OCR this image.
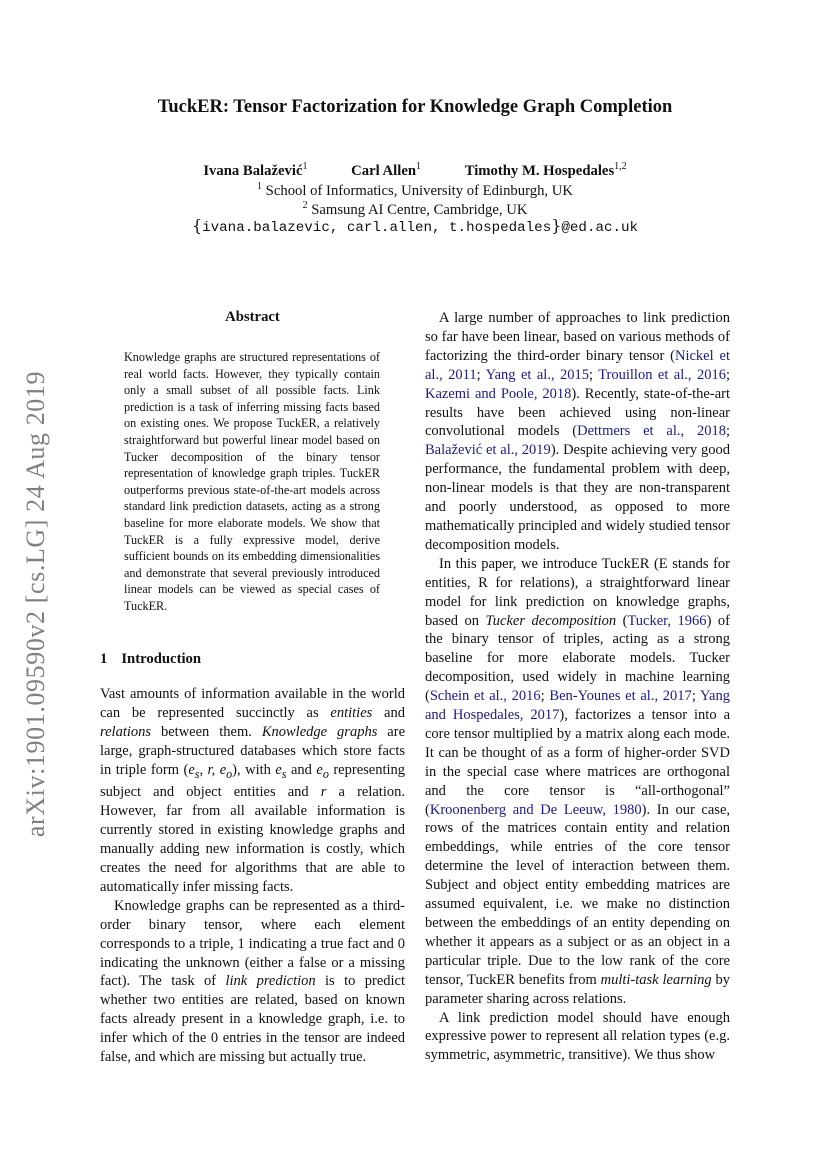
arXiv:1901.09590v2 [cs.LG] 24 Aug 2019
TuckER: Tensor Factorization for Knowledge Graph Completion
Ivana Balažević$^1$	Carl Allen$^1$	Timothy M. Hospedales$^{1,2}$
$^1$ School of Informatics, University of Edinburgh, UK
$^2$ Samsung AI Centre, Cambridge, UK
{ivana.balazevic, carl.allen, t.hospedales}@ed.ac.uk
Abstract

Knowledge graphs are structured representations of real world facts. However, they typically contain only a small subset of all possible facts. Link prediction is a task of inferring missing facts based on existing ones. We propose TuckER, a relatively straightforward but powerful linear model based on Tucker decomposition of the binary tensor representation of knowledge graph triples. TuckER outperforms previous state-of-the-art models across standard link prediction datasets, acting as a strong baseline for more elaborate models. We show that TuckER is a fully expressive model, derive sufficient bounds on its embedding dimensionalities and demonstrate that several previously introduced linear models can be viewed as special cases of TuckER.

1 Introduction

Vast amounts of information available in the world can be represented succinctly as entities and relations between them. Knowledge graphs are large, graph-structured databases which store facts in triple form ($e_s$, r, $e_o$), with $e_s$ and $e_o$ representing subject and object entities and r a relation. However, far from all available information is currently stored in existing knowledge graphs and manually adding new information is costly, which creates the need for algorithms that are able to automatically infer missing facts.

Knowledge graphs can be represented as a third-order binary tensor, where each element corresponds to a triple, 1 indicating a true fact and 0 indicating the unknown (either a false or a missing fact). The task of link prediction is to predict whether two entities are related, based on known facts already present in a knowledge graph, i.e. to infer which of the 0 entries in the tensor are indeed false, and which are missing but actually true.

A large number of approaches to link prediction so far have been linear, based on various methods of factorizing the third-order binary tensor (Nickel et al., 2011; Yang et al., 2015; Trouillon et al., 2016; Kazemi and Poole, 2018). Recently, state-of-the-art results have been achieved using non-linear convolutional models (Dettmers et al., 2018; Balažević et al., 2019). Despite achieving very good performance, the fundamental problem with deep, non-linear models is that they are non-transparent and poorly understood, as opposed to more mathematically principled and widely studied tensor decomposition models.

In this paper, we introduce TuckER (E stands for entities, R for relations), a straightforward linear model for link prediction on knowledge graphs, based on Tucker decomposition (Tucker, 1966) of the binary tensor of triples, acting as a strong baseline for more elaborate models. Tucker decomposition, used widely in machine learning (Schein et al., 2016; Ben-Younes et al., 2017; Yang and Hospedales, 2017), factorizes a tensor into a core tensor multiplied by a matrix along each mode. It can be thought of as a form of higher-order SVD in the special case where matrices are orthogonal and the core tensor is “all-orthogonal” (Kroonenberg and De Leeuw, 1980). In our case, rows of the matrices contain entity and relation embeddings, while entries of the core tensor determine the level of interaction between them. Subject and object entity embedding matrices are assumed equivalent, i.e. we make no distinction between the embeddings of an entity depending on whether it appears as a subject or as an object in a particular triple. Due to the low rank of the core tensor, TuckER benefits from multi-task learning by parameter sharing across relations.

A link prediction model should have enough expressive power to represent all relation types (e.g. symmetric, asymmetric, transitive). We thus show
